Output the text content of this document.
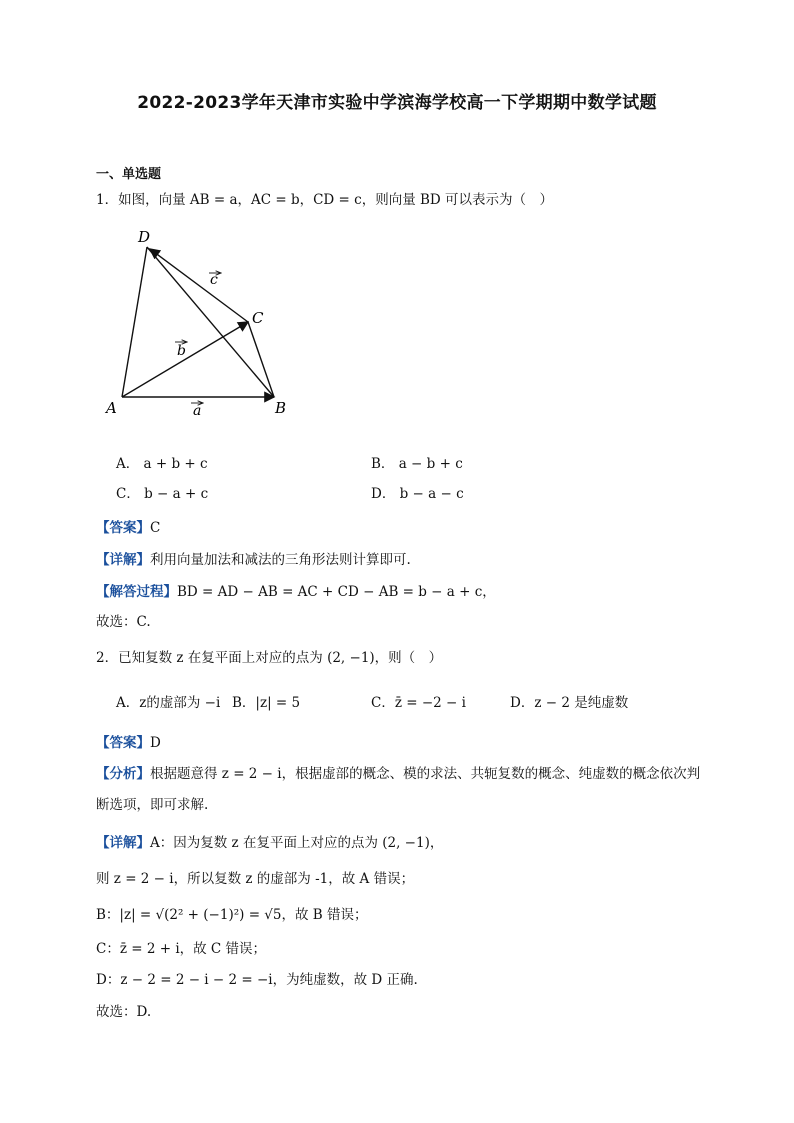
2022-2023学年天津市实验中学滨海学校高一下学期期中数学试题
一、单选题
1．如图，向量 AB = a，AC = b，CD = c，则向量 BD 可以表示为（　）
D
C
A	B
c
b
a
A． a + b + c	B． a − b + c
C． b − a + c	D． b − a − c
【答案】C
【详解】利用向量加法和减法的三角形法则计算即可.
【解答过程】BD = AD − AB = AC + CD − AB = b − a + c，
故选：C.
2．已知复数 z 在复平面上对应的点为 (2, −1)，则（　）
A．z的虚部为 −i B．|z| = 5	C．z̄ = −2 − i	D．z − 2 是纯虚数
【答案】D
【分析】根据题意得 z = 2 − i，根据虚部的概念、模的求法、共轭复数的概念、纯虚数的概念依次判
断选项，即可求解.
【详解】A：因为复数 z 在复平面上对应的点为 (2, −1)，
则 z = 2 − i，所以复数 z 的虚部为 -1，故 A 错误；
B：|z| = √(2² + (−1)²) = √5，故 B 错误；
C：z̄ = 2 + i，故 C 错误；
D：z − 2 = 2 − i − 2 = −i，为纯虚数，故 D 正确.
故选：D.
